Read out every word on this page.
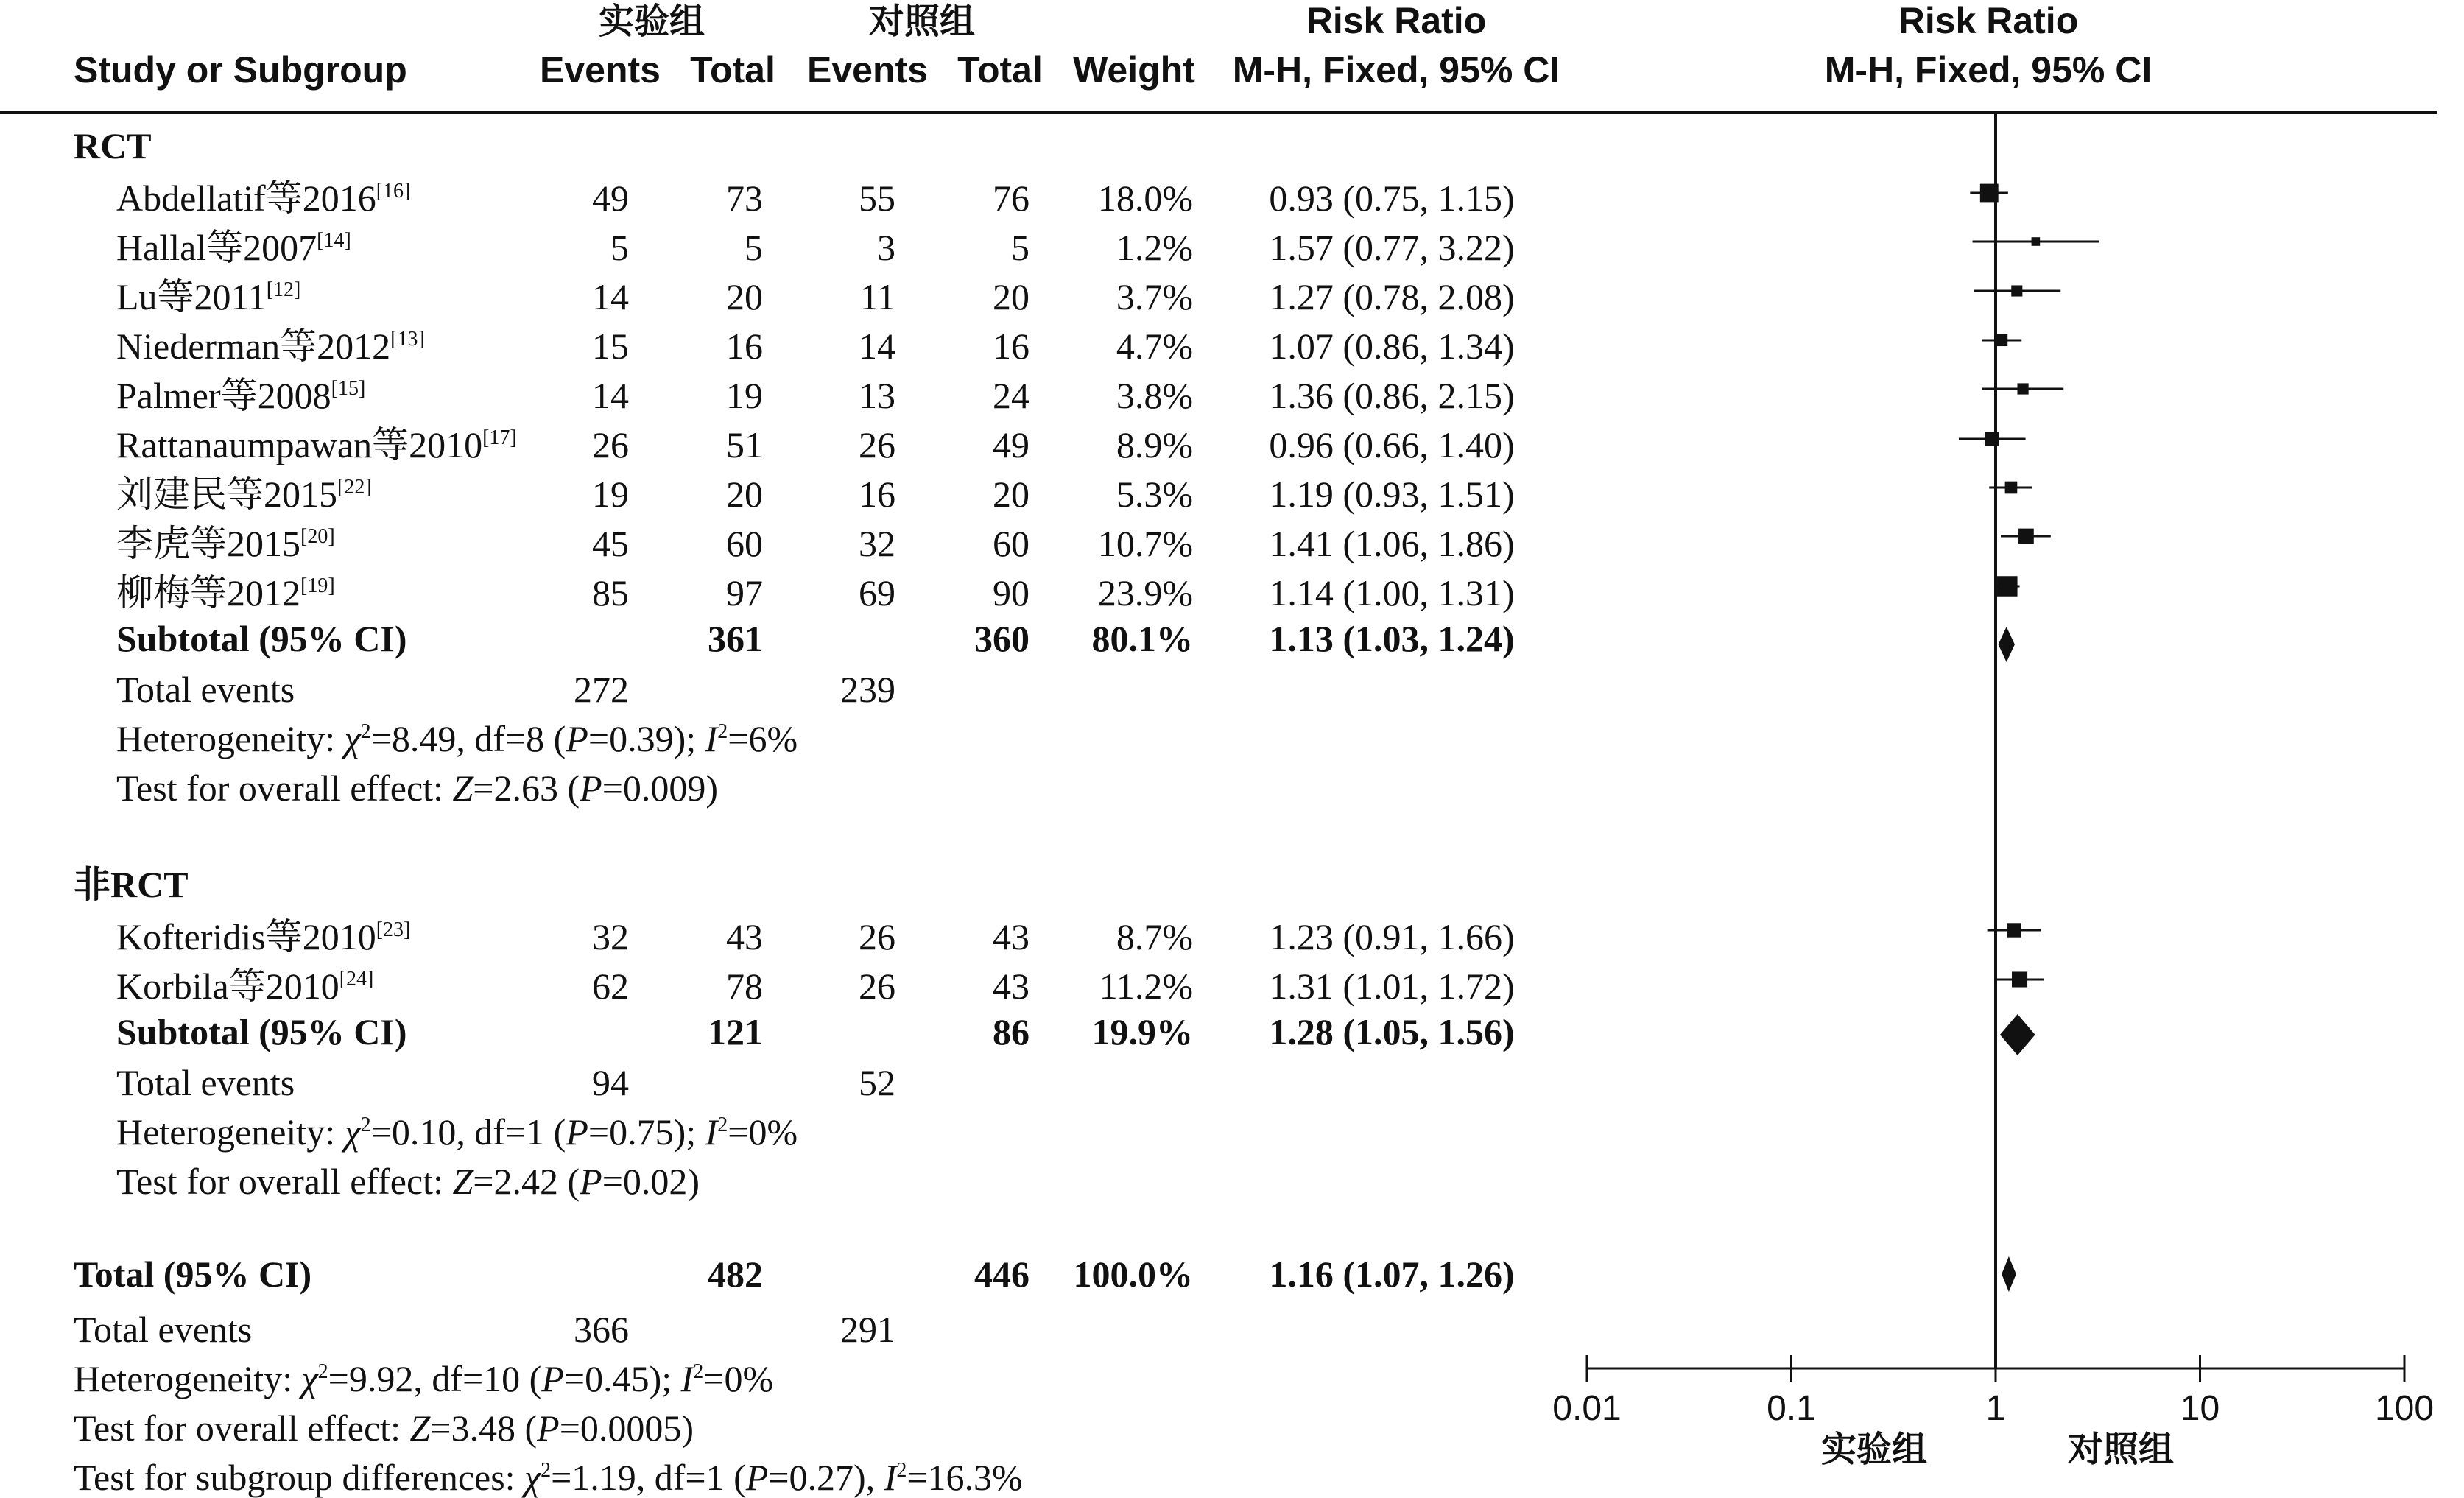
实验组	对照组
Study or Subgroup	Events Total Events Total Weight
Risk Ratio
M-H, Fixed, 95% CI
Risk Ratio
M-H, Fixed, 95% CI
RCT
Abdellatif等2016[16]	49	73	55	76 18.0% 0.93 (0.75, 1.15)
Hallal等2007[14]	5	5	3	5 1.2% 1.57 (0.77, 3.22)
Lu等2011[12]	14	20	11	20 3.7% 1.27 (0.78, 2.08)
Niederman等2012[13]	15	16	14	16 4.7% 1.07 (0.86, 1.34)
Palmer等2008[15]	14	19	13	24 3.8% 1.36 (0.86, 2.15)
Rattanaumpawan等2010[17] 26	51	26	49 8.9% 0.96 (0.66, 1.40)
刘建民等2015[22]	19	20	16	20 5.3% 1.19 (0.93, 1.51)
李虎等2015[20]	45	60	32	60 10.7% 1.41 (1.06, 1.86)
柳梅等2012[19]	85	97	69	90 23.9% 1.14 (1.00, 1.31)
Subtotal (95% CI)	361	360 80.1% 1.13 (1.03, 1.24)
Total events	272	239
Heterogeneity: $\chi^2=8.49$, df=8 (P=0.39); $I^2=6\%$
Test for overall effect: Z=2.63 (P=0.009)
非RCT
Kofteridis等2010[23]	32	43	26	43 8.7% 1.23 (0.91, 1.66)
Korbila等2010[24]	62	78	26	43 11.2% 1.31 (1.01, 1.72)
Subtotal (95% CI)	121	86 19.9% 1.28 (1.05, 1.56)
Total events	94	52
Heterogeneity: $\chi^2=0.10$, df=1 (P=0.75); $I^2=0\%$
Test for overall effect: Z=2.42 (P=0.02)
Total (95% CI)	482	446 100.0% 1.16 (1.07, 1.26)
Total events	366	291
Heterogeneity: $\chi^2=9.92$, df=10 (P=0.45); $I^2=0\%$
Test for overall effect: Z=3.48 (P=0.0005)
Test for subgroup differences: $\chi^2=1.19$, df=1 (P=0.27), $I^2=16.3\%$
0.01	0.1	1	10	100
实验组	对照组
